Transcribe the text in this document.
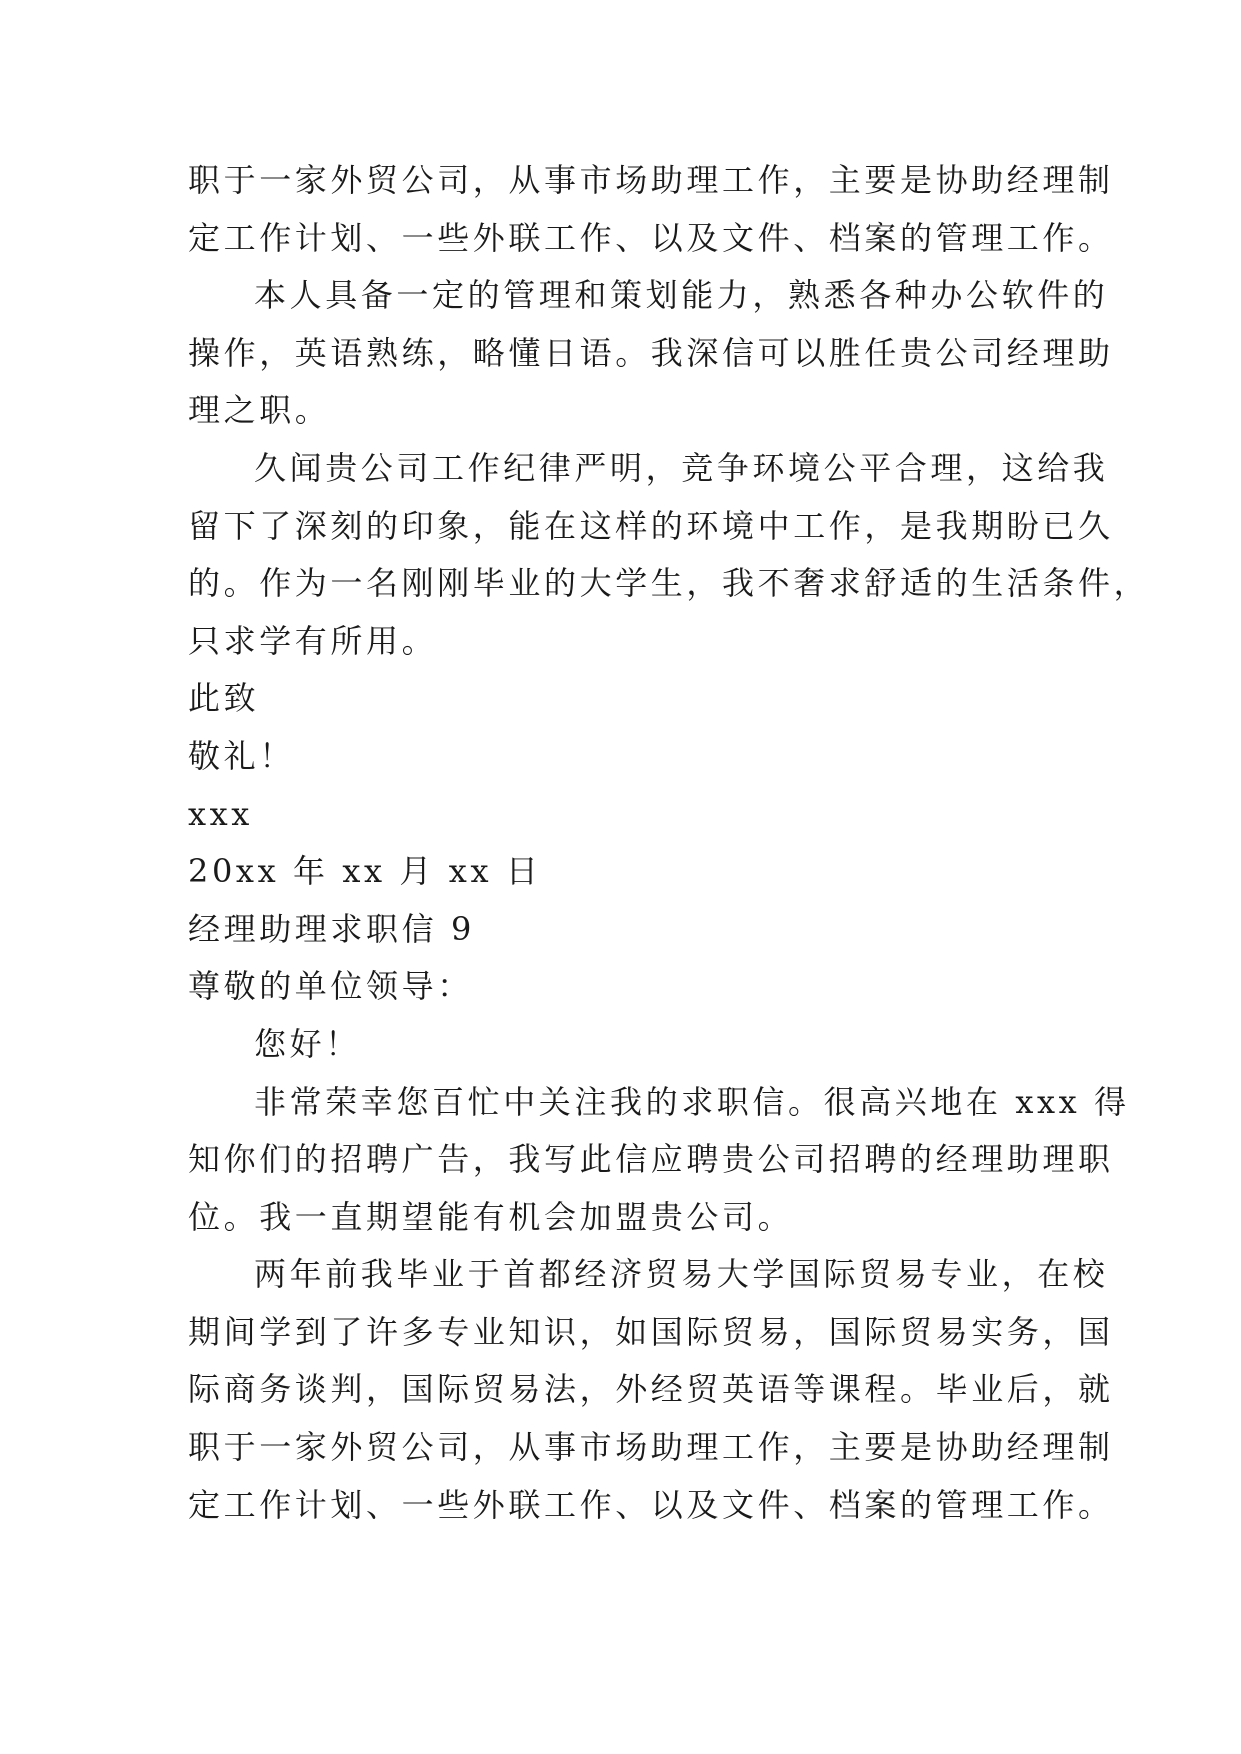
职于一家外贸公司，从事市场助理工作，主要是协助经理制
定工作计划、一些外联工作、以及文件、档案的管理工作。
本人具备一定的管理和策划能力，熟悉各种办公软件的
操作，英语熟练，略懂日语。我深信可以胜任贵公司经理助
理之职。
久闻贵公司工作纪律严明，竞争环境公平合理，这给我
留下了深刻的印象，能在这样的环境中工作，是我期盼已久
的。作为一名刚刚毕业的大学生，我不奢求舒适的生活条件，
只求学有所用。
此致
敬礼！
xxx
20xx 年 xx 月 xx 日
经理助理求职信 9
尊敬的单位领导：
您好！
非常荣幸您百忙中关注我的求职信。很高兴地在 xxx 得
知你们的招聘广告，我写此信应聘贵公司招聘的经理助理职
位。我一直期望能有机会加盟贵公司。
两年前我毕业于首都经济贸易大学国际贸易专业，在校
期间学到了许多专业知识，如国际贸易，国际贸易实务，国
际商务谈判，国际贸易法，外经贸英语等课程。毕业后，就
职于一家外贸公司，从事市场助理工作，主要是协助经理制
定工作计划、一些外联工作、以及文件、档案的管理工作。
